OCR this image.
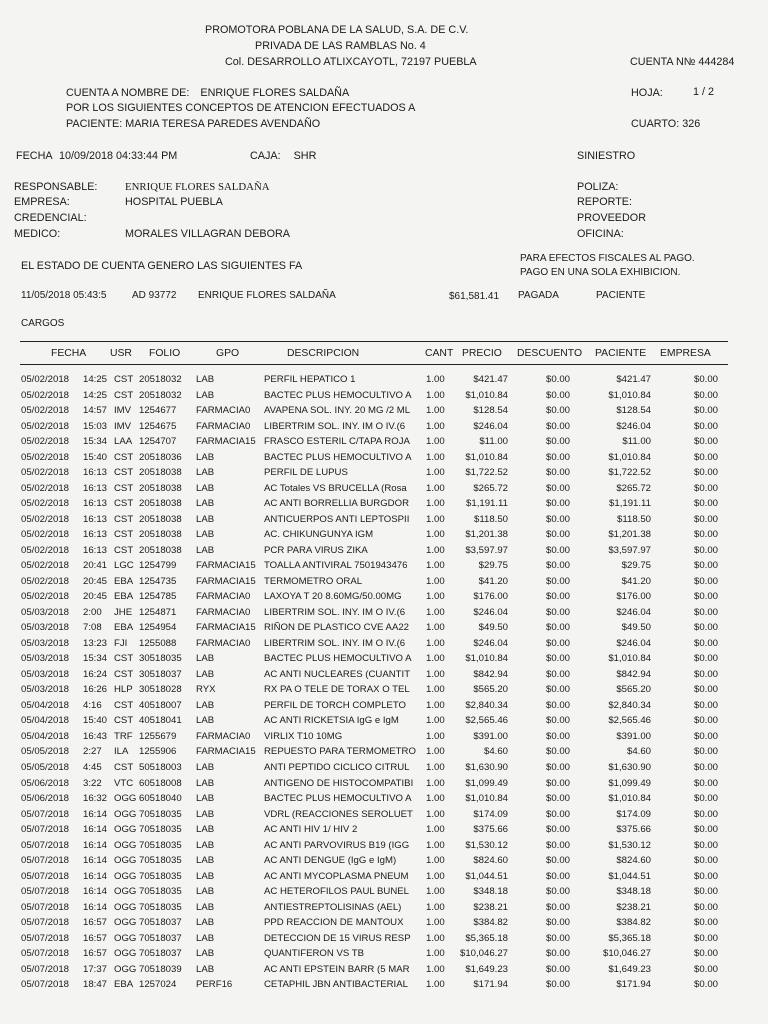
PROMOTORA POBLANA DE LA SALUD, S.A. DE C.V.
PRIVADA DE LAS RAMBLAS No. 4
Col. DESARROLLO ATLIXCAYOTL, 72197 PUEBLA	CUENTA N№ 444284
CUENTA A NOMBRE DE: ENRIQUE FLORES SALDAÑA
POR LOS SIGUIENTES CONCEPTOS DE ATENCION EFECTUADOS A
PACIENTE: MARIA TERESA PAREDES AVENDAÑO
HOJA:	1 / 2
CUARTO: 326
FECHA 10/09/2018 04:33:44 PM	CAJA: SHR	SINIESTRO
RESPONSABLE:	ENRIQUE FLORES SALDAÑA
EMPRESA:	HOSPITAL PUEBLA
CREDENCIAL:
MEDICO:	MORALES VILLAGRAN DEBORA
POLIZA:
REPORTE:
PROVEEDOR
OFICINA:
EL ESTADO DE CUENTA GENERO LAS SIGUIENTES FA
PARA EFECTOS FISCALES AL PAGO.
PAGO EN UNA SOLA EXHIBICION.
11/05/2018 05:43:5	AD 93772 ENRIQUE FLORES SALDAÑA	$61,581.41 PAGADA	PACIENTE
CARGOS
FECHA USR FOLIO	GPO	DESCRIPCION	CANT PRECIO DESCUENTO PACIENTE EMPRESA
05/02/2018	14:25 CST 20518032	LAB	PERFIL HEPATICO 1	1.00	$421.47	$0.00	$421.47	$0.00
05/02/2018	14:25 CST 20518032	LAB	BACTEC PLUS HEMOCULTIVO A	1.00	$1,010.84	$0.00	$1,010.84	$0.00
05/02/2018	14:57 IMV 1254677	FARMACIA0	AVAPENA SOL. INY. 20 MG /2 ML	1.00	$128.54	$0.00	$128.54	$0.00
05/02/2018	15:03 IMV 1254675	FARMACIA0	LIBERTRIM SOL. INY. IM O IV.(6	1.00	$246.04	$0.00	$246.04	$0.00
05/02/2018	15:34 LAA 1254707	FARMACIA15 FRASCO ESTERIL C/TAPA ROJA	1.00	$11.00	$0.00	$11.00	$0.00
05/02/2018	15:40 CST 20518036	LAB	BACTEC PLUS HEMOCULTIVO A	1.00	$1,010.84	$0.00	$1,010.84	$0.00
05/02/2018	16:13 CST 20518038	LAB	PERFIL DE LUPUS	1.00	$1,722.52	$0.00	$1,722.52	$0.00
05/02/2018	16:13 CST 20518038	LAB	AC Totales VS BRUCELLA (Rosa	1.00	$265.72	$0.00	$265.72	$0.00
05/02/2018	16:13 CST 20518038	LAB	AC ANTI BORRELLIA BURGDOR	1.00	$1,191.11	$0.00	$1,191.11	$0.00
05/02/2018	16:13 CST 20518038	LAB	ANTICUERPOS ANTI LEPTOSPII	1.00	$118.50	$0.00	$118.50	$0.00
05/02/2018	16:13 CST 20518038	LAB	AC. CHIKUNGUNYA IGM	1.00	$1,201.38	$0.00	$1,201.38	$0.00
05/02/2018	16:13 CST 20518038	LAB	PCR PARA VIRUS ZIKA	1.00	$3,597.97	$0.00	$3,597.97	$0.00
05/02/2018	20:41 LGC 1254799	FARMACIA15 TOALLA ANTIVIRAL 7501943476	1.00	$29.75	$0.00	$29.75	$0.00
05/02/2018	20:45 EBA 1254735	FARMACIA15 TERMOMETRO ORAL	1.00	$41.20	$0.00	$41.20	$0.00
05/02/2018	20:45 EBA 1254785	FARMACIA0	LAXOYA T 20 8.60MG/50.00MG	1.00	$176.00	$0.00	$176.00	$0.00
05/03/2018	2:00	JHE 1254871	FARMACIA0	LIBERTRIM SOL. INY. IM O IV.(6	1.00	$246.04	$0.00	$246.04	$0.00
05/03/2018	7:08	EBA 1254954	FARMACIA15 RIÑON DE PLASTICO CVE AA22	1.00	$49.50	$0.00	$49.50	$0.00
05/03/2018	13:23 FJI	1255088	FARMACIA0	LIBERTRIM SOL. INY. IM O IV.(6	1.00	$246.04	$0.00	$246.04	$0.00
05/03/2018	15:34 CST 30518035	LAB	BACTEC PLUS HEMOCULTIVO A	1.00	$1,010.84	$0.00	$1,010.84	$0.00
05/03/2018	16:24 CST 30518037	LAB	AC ANTI NUCLEARES (CUANTIT	1.00	$842.94	$0.00	$842.94	$0.00
05/03/2018	16:26 HLP 30518028	RYX	RX PA O TELE DE TORAX O TEL	1.00	$565.20	$0.00	$565.20	$0.00
05/04/2018	4:16	CST 40518007	LAB	PERFIL DE TORCH COMPLETO	1.00	$2,840.34	$0.00	$2,840.34	$0.00
05/04/2018	15:40 CST 40518041	LAB	AC ANTI RICKETSIA IgG e IgM	1.00	$2,565.46	$0.00	$2,565.46	$0.00
05/04/2018	16:43 TRF 1255679	FARMACIA0	VIRLIX T10 10MG	1.00	$391.00	$0.00	$391.00	$0.00
05/05/2018	2:27	ILA	1255906	FARMACIA15 REPUESTO PARA TERMOMETRO	1.00	$4.60	$0.00	$4.60	$0.00
05/05/2018	4:45	CST 50518003	LAB	ANTI PEPTIDO CICLICO CITRUL	1.00	$1,630.90	$0.00	$1,630.90	$0.00
05/06/2018	3:22	VTC 60518008	LAB	ANTIGENO DE HISTOCOMPATIBI	1.00	$1,099.49	$0.00	$1,099.49	$0.00
05/06/2018	16:32 OGG 60518040	LAB	BACTEC PLUS HEMOCULTIVO A	1.00	$1,010.84	$0.00	$1,010.84	$0.00
05/07/2018	16:14 OGG 70518035	LAB	VDRL (REACCIONES SEROLUET	1.00	$174.09	$0.00	$174.09	$0.00
05/07/2018	16:14 OGG 70518035	LAB	AC ANTI HIV 1/ HIV 2	1.00	$375.66	$0.00	$375.66	$0.00
05/07/2018	16:14 OGG 70518035	LAB	AC ANTI PARVOVIRUS B19 (IGG	1.00	$1,530.12	$0.00	$1,530.12	$0.00
05/07/2018	16:14 OGG 70518035	LAB	AC ANTI DENGUE (IgG e IgM)	1.00	$824.60	$0.00	$824.60	$0.00
05/07/2018	16:14 OGG 70518035	LAB	AC ANTI MYCOPLASMA PNEUM	1.00	$1,044.51	$0.00	$1,044.51	$0.00
05/07/2018	16:14 OGG 70518035	LAB	AC HETEROFILOS PAUL BUNEL	1.00	$348.18	$0.00	$348.18	$0.00
05/07/2018	16:14 OGG 70518035	LAB	ANTIESTREPTOLISINAS (AEL)	1.00	$238.21	$0.00	$238.21	$0.00
05/07/2018	16:57 OGG 70518037	LAB	PPD REACCION DE MANTOUX	1.00	$384.82	$0.00	$384.82	$0.00
05/07/2018	16:57 OGG 70518037	LAB	DETECCION DE 15 VIRUS RESP	1.00	$5,365.18	$0.00	$5,365.18	$0.00
05/07/2018	16:57 OGG 70518037	LAB	QUANTIFERON VS TB	1.00	$10,046.27	$0.00	$10,046.27	$0.00
05/07/2018	17:37 OGG 70518039	LAB	AC ANTI EPSTEIN BARR (5 MAR	1.00	$1,649.23	$0.00	$1,649.23	$0.00
05/07/2018	18:47 EBA 1257024	PERF16	CETAPHIL JBN ANTIBACTERIAL	1.00	$171.94	$0.00	$171.94	$0.00
